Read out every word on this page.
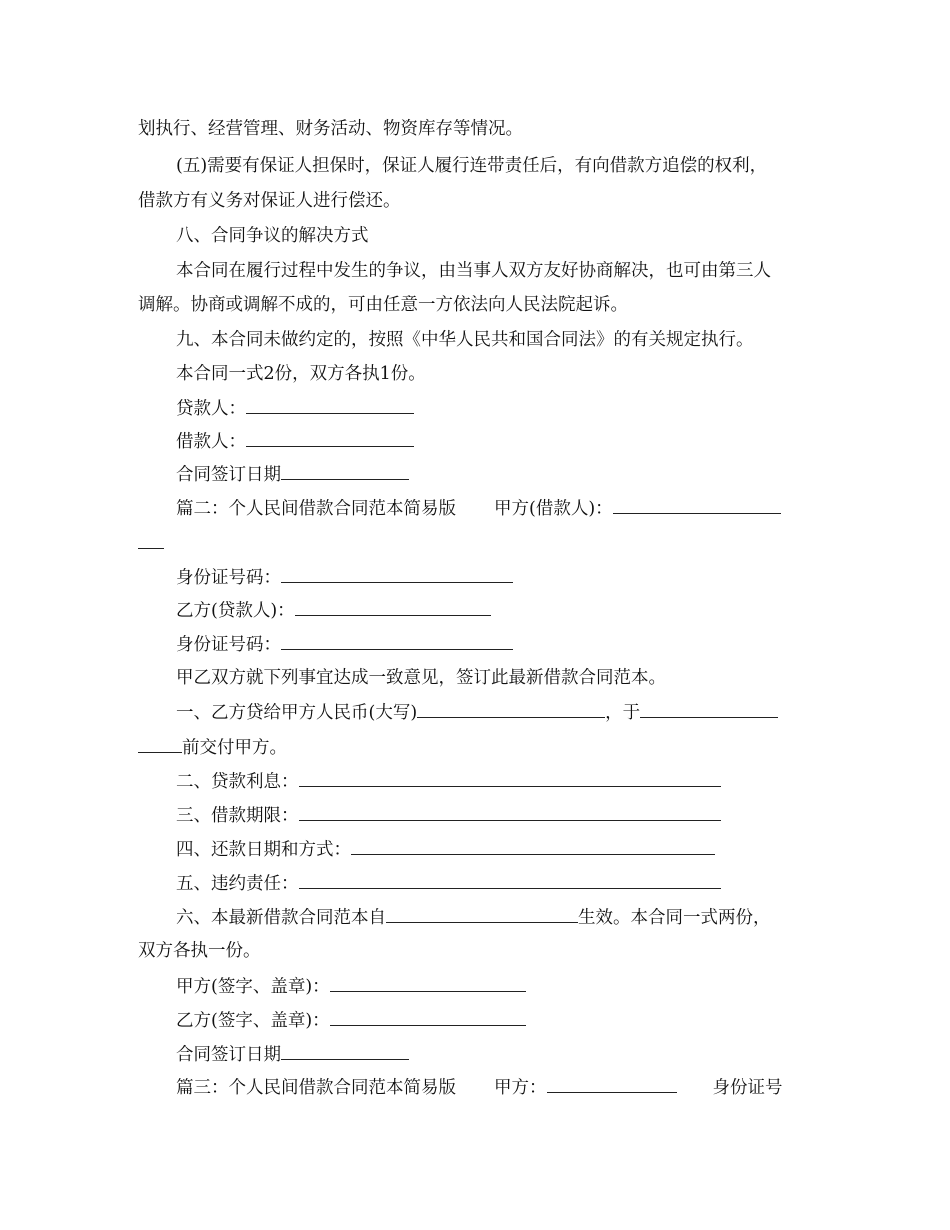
划执行、经营管理、财务活动、物资库存等情况。
(五)需要有保证人担保时，保证人履行连带责任后，有向借款方追偿的权利，
借款方有义务对保证人进行偿还。
八、合同争议的解决方式
本合同在履行过程中发生的争议，由当事人双方友好协商解决，也可由第三人
调解。协商或调解不成的，可由任意一方依法向人民法院起诉。
九、本合同未做约定的，按照《中华人民共和国合同法》的有关规定执行。
本合同一式2份，双方各执1份。
贷款人：
借款人：
合同签订日期
篇二：个人民间借款合同范本简易版 甲方(借款人)：
身份证号码：
乙方(贷款人)：
身份证号码：
甲乙双方就下列事宜达成一致意见，签订此最新借款合同范本。
一、乙方贷给甲方人民币(大写)	，于
前交付甲方。
二、贷款利息：
三、借款期限：
四、还款日期和方式：
五、违约责任：
六、本最新借款合同范本自	生效。本合同一式两份，
双方各执一份。
甲方(签字、盖章)：
乙方(签字、盖章)：
合同签订日期
篇三：个人民间借款合同范本简易版 甲方：	身份证号
